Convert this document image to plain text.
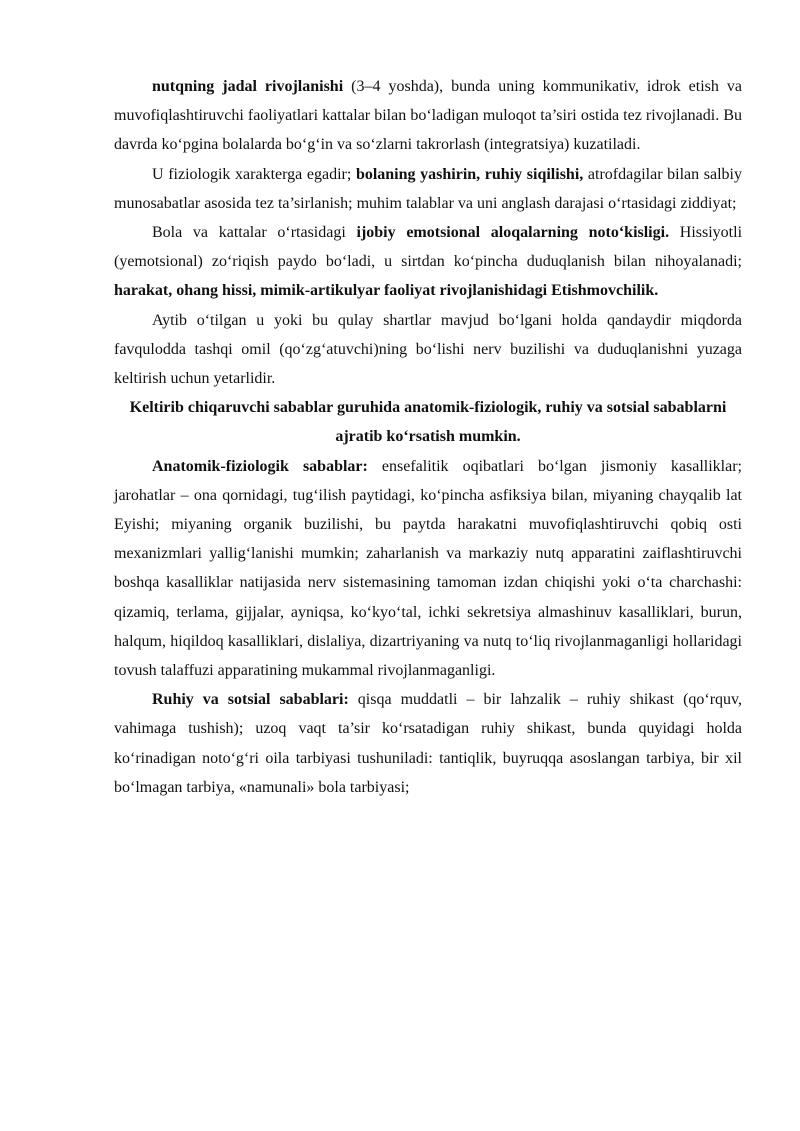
nutqning jadal rivojlanishi (3–4 yoshda), bunda uning kommunikativ, idrok etish va muvofiqlashtiruvchi faoliyatlari kattalar bilan bo‘ladigan muloqot ta’siri ostida tez rivojlanadi. Bu davrda ko‘pgina bolalarda bo‘g‘in va so‘zlarni takrorlash (integratsiya) kuzatiladi.

U fiziologik xarakterga egadir; bolaning yashirin, ruhiy siqilishi, atrofdagilar bilan salbiy munosabatlar asosida tez ta’sirlanish; muhim talablar va uni anglash darajasi o‘rtasidagi ziddiyat;

Bola va kattalar o‘rtasidagi ijobiy emotsional aloqalarning noto‘kisligi. Hissiyotli (yemotsional) zo‘riqish paydo bo‘ladi, u sirtdan ko‘pincha duduqlanish bilan nihoyalanadi; harakat, ohang hissi, mimik-artikulyar faoliyat rivojlanishidagi Etishmovchilik.

Aytib o‘tilgan u yoki bu qulay shartlar mavjud bo‘lgani holda qandaydir miqdorda favqulodda tashqi omil (qo‘zg‘atuvchi)ning bo‘lishi nerv buzilishi va duduqlanishni yuzaga keltirish uchun yetarlidir.

Keltirib chiqaruvchi sabablar guruhida anatomik-fiziologik, ruhiy va sotsial sabablarni ajratib ko‘rsatish mumkin.

Anatomik-fiziologik sabablar: ensefalitik oqibatlari bo‘lgan jismoniy kasalliklar; jarohatlar – ona qornidagi, tug‘ilish paytidagi, ko‘pincha asfiksiya bilan, miyaning chayqalib lat Eyishi; miyaning organik buzilishi, bu paytda harakatni muvofiqlashtiruvchi qobiq osti mexanizmlari yallig‘lanishi mumkin; zaharlanish va markaziy nutq apparatini zaiflashtiruvchi boshqa kasalliklar natijasida nerv sistemasining tamoman izdan chiqishi yoki o‘ta charchashi: qizamiq, terlama, gijjalar, ayniqsa, ko‘kyo‘tal, ichki sekretsiya almashinuv kasalliklari, burun, halqum, hiqildoq kasalliklari, dislaliya, dizartriyaning va nutq to‘liq rivojlanmaganligi hollaridagi tovush talaffuzi apparatining mukammal rivojlanmaganligi.

Ruhiy va sotsial sabablari: qisqa muddatli – bir lahzalik – ruhiy shikast (qo‘rquv, vahimaga tushish); uzoq vaqt ta’sir ko‘rsatadigan ruhiy shikast, bunda quyidagi holda ko‘rinadigan noto‘g‘ri oila tarbiyasi tushuniladi: tantiqlik, buyruqqa asoslangan tarbiya, bir xil bo‘lmagan tarbiya, «namunali» bola tarbiyasi;
